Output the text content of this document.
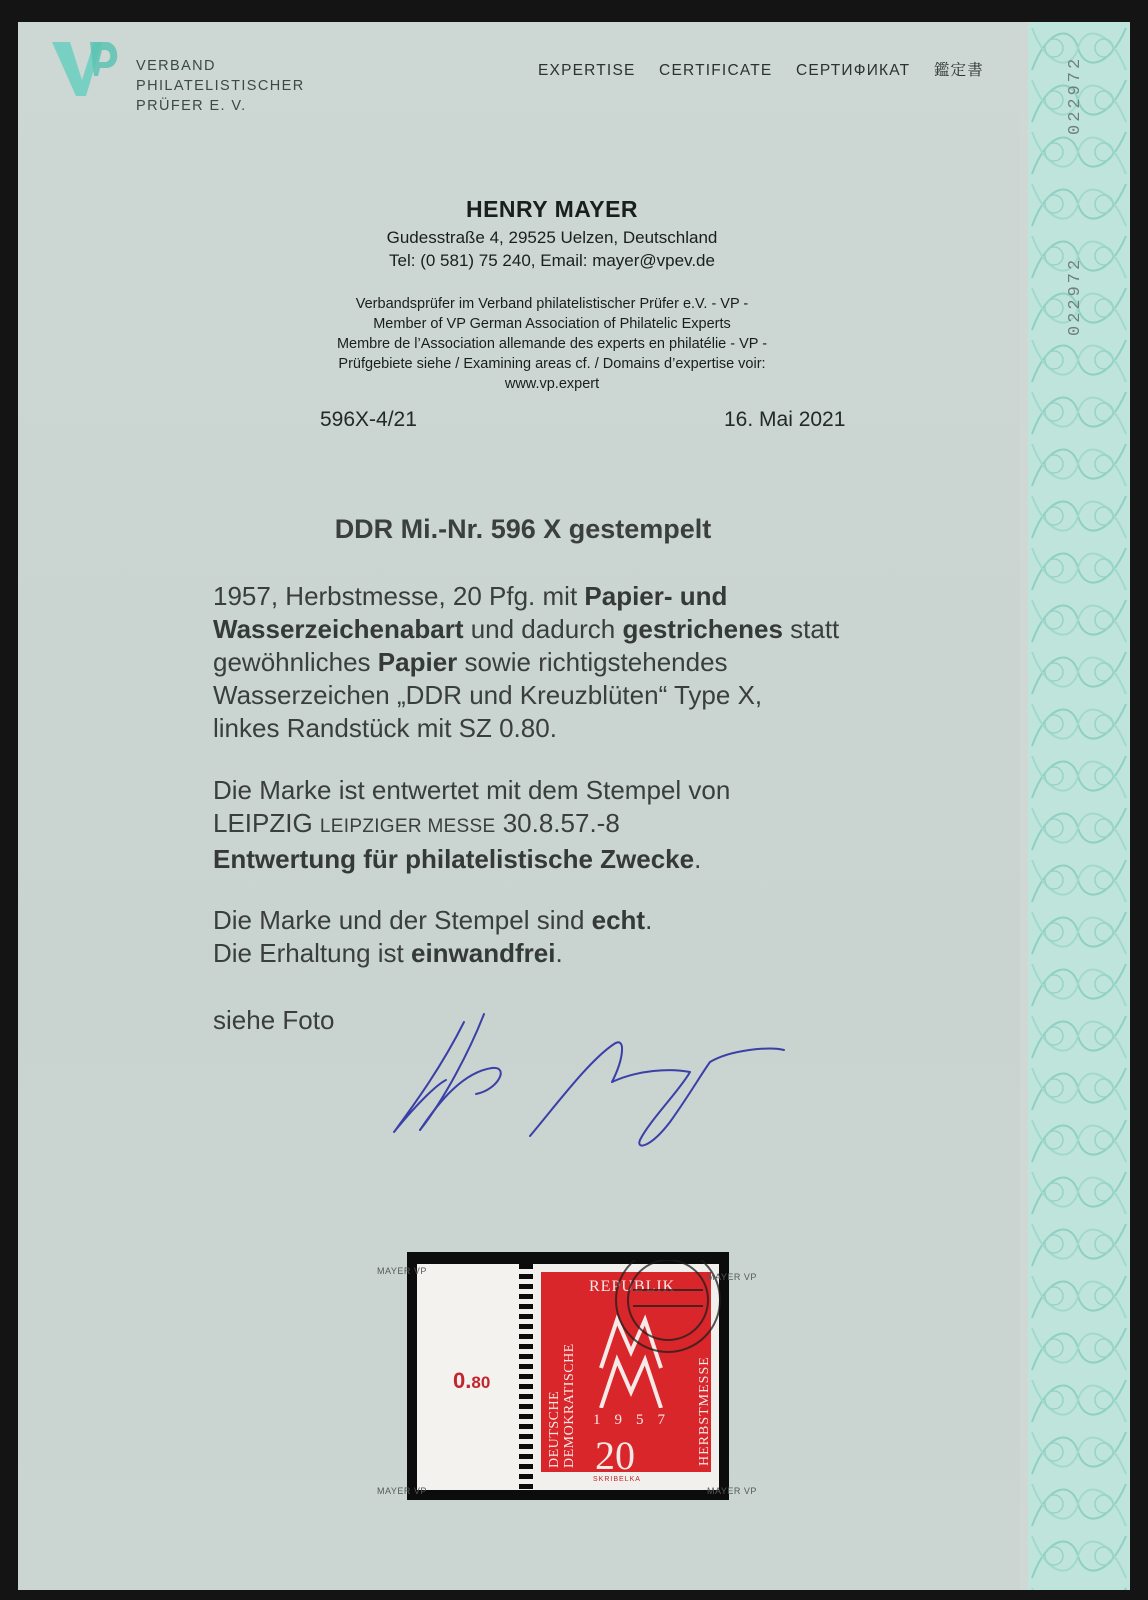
022972
022972
VERBAND
PHILATELISTISCHER
PRÜFER E. V.
EXPERTISE CERTIFICATE СЕРТИФИКАТ 鑑定書
HENRY MAYER
Gudesstraße 4, 29525 Uelzen, Deutschland
Tel: (0 581) 75 240, Email: mayer@vpev.de
Verbandsprüfer im Verband philatelistischer Prüfer e.V. - VP -
Member of VP German Association of Philatelic Experts
Membre de l’Association allemande des experts en philatélie - VP -
Prüfgebiete siehe / Examining areas cf. / Domains d’expertise voir:
www.vp.expert
596X-4/21	16. Mai 2021
DDR Mi.-Nr. 596 X gestempelt
1957, Herbstmesse, 20 Pfg. mit Papier- und
Wasserzeichenabart und dadurch gestrichenes statt
gewöhnliches Papier sowie richtigstehendes
Wasserzeichen „DDR und Kreuzblüten“ Type X,
linkes Randstück mit SZ 0.80.
Die Marke ist entwertet mit dem Stempel von
LEIPZIG LEIPZIGER MESSE 30.8.57.-8
Entwertung für philatelistische Zwecke.
Die Marke und der Stempel sind echt.
Die Erhaltung ist einwandfrei.
siehe Foto
0.80
DEUTSCHE DEMOKRATISCHE
REPUBLIK
1957
20	HERBSTMESSE
SKRIBELKA
MAYER VP
MAYER VP
MAYER VP
MAYER VP
